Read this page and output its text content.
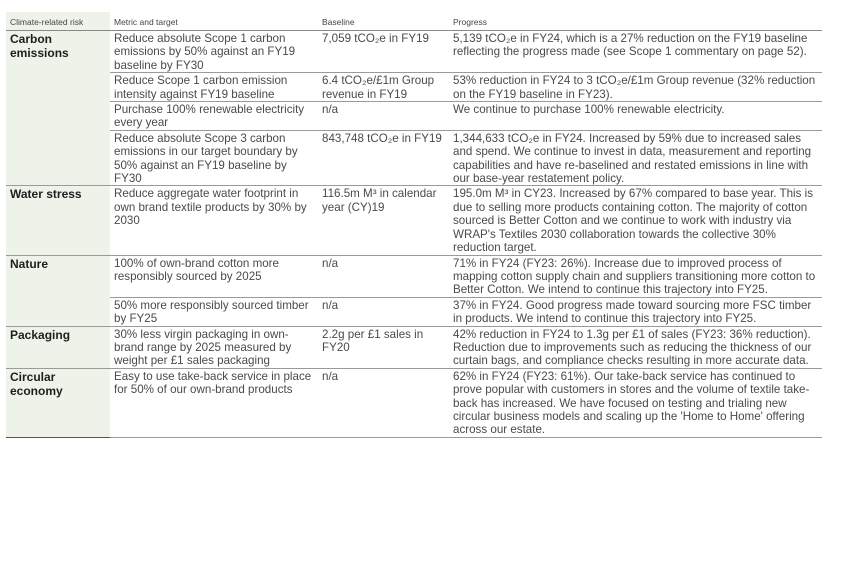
Climate-related risk	Metric and target	Baseline	Progress
Carbon emissions	Reduce absolute Scope 1 carbon emissions by 50% against an FY19 baseline by FY30	7,059 tCO₂e in FY19	5,139 tCO₂e in FY24, which is a 27% reduction on the FY19 baseline reflecting the progress made (see Scope 1 commentary on page 52).
	Reduce Scope 1 carbon emission intensity against FY19 baseline	6.4 tCO₂e/£1m Group revenue in FY19	53% reduction in FY24 to 3 tCO₂e/£1m Group revenue (32% reduction on the FY19 baseline in FY23).
	Purchase 100% renewable electricity every year	n/a	We continue to purchase 100% renewable electricity.
	Reduce absolute Scope 3 carbon emissions in our target boundary by 50% against an FY19 baseline by FY30	843,748 tCO₂e in FY19	1,344,633 tCO₂e in FY24. Increased by 59% due to increased sales and spend. We continue to invest in data, measurement and reporting capabilities and have re-baselined and restated emissions in line with our base-year restatement policy.
Water stress	Reduce aggregate water footprint in own brand textile products by 30% by 2030	116.5m M³ in calendar year (CY)19	195.0m M³ in CY23. Increased by 67% compared to base year. This is due to selling more products containing cotton. The majority of cotton sourced is Better Cotton and we continue to work with industry via WRAP's Textiles 2030 collaboration towards the collective 30% reduction target.
Nature	100% of own-brand cotton more responsibly sourced by 2025	n/a	71% in FY24 (FY23: 26%). Increase due to improved process of mapping cotton supply chain and suppliers transitioning more cotton to Better Cotton. We intend to continue this trajectory into FY25.
	50% more responsibly sourced timber by FY25	n/a	37% in FY24. Good progress made toward sourcing more FSC timber in products. We intend to continue this trajectory into FY25.
Packaging	30% less virgin packaging in own-brand range by 2025 measured by weight per £1 sales packaging	2.2g per £1 sales in FY20	42% reduction in FY24 to 1.3g per £1 of sales (FY23: 36% reduction). Reduction due to improvements such as reducing the thickness of our curtain bags, and compliance checks resulting in more accurate data.
Circular economy	Easy to use take-back service in place for 50% of our own-brand products	n/a	62% in FY24 (FY23: 61%). Our take-back service has continued to prove popular with customers in stores and the volume of textile take-back has increased. We have focused on testing and trialing new circular business models and scaling up the 'Home to Home' offering across our estate.
